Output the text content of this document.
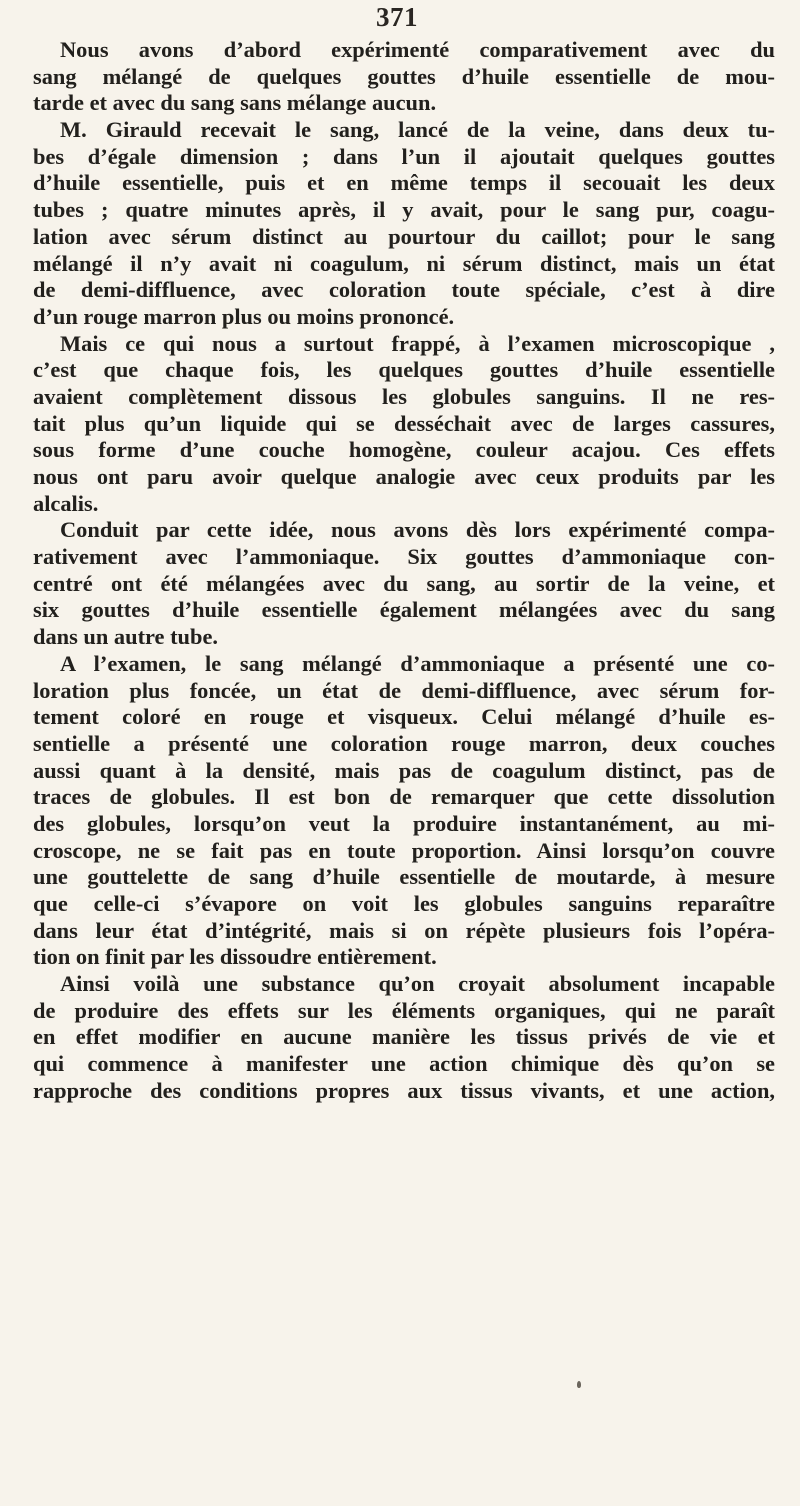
371
Nous avons d’abord expérimenté comparativement avec du
sang mélangé de quelques gouttes d’huile essentielle de mou-
tarde et avec du sang sans mélange aucun.
M. Girauld recevait le sang, lancé de la veine, dans deux tu-
bes d’égale dimension ; dans l’un il ajoutait quelques gouttes
d’huile essentielle, puis et en même temps il secouait les deux
tubes ; quatre minutes après, il y avait, pour le sang pur, coagu-
lation avec sérum distinct au pourtour du caillot; pour le sang
mélangé il n’y avait ni coagulum, ni sérum distinct, mais un état
de demi-diffluence, avec coloration toute spéciale, c’est à dire
d’un rouge marron plus ou moins prononcé.
Mais ce qui nous a surtout frappé, à l’examen microscopique ,
c’est que chaque fois, les quelques gouttes d’huile essentielle
avaient complètement dissous les globules sanguins. Il ne res-
tait plus qu’un liquide qui se desséchait avec de larges cassures,
sous forme d’une couche homogène, couleur acajou. Ces effets
nous ont paru avoir quelque analogie avec ceux produits par les
alcalis.
Conduit par cette idée, nous avons dès lors expérimenté compa-
rativement avec l’ammoniaque. Six gouttes d’ammoniaque con-
centré ont été mélangées avec du sang, au sortir de la veine, et
six gouttes d’huile essentielle également mélangées avec du sang
dans un autre tube.
A l’examen, le sang mélangé d’ammoniaque a présenté une co-
loration plus foncée, un état de demi-diffluence, avec sérum for-
tement coloré en rouge et visqueux. Celui mélangé d’huile es-
sentielle a présenté une coloration rouge marron, deux couches
aussi quant à la densité, mais pas de coagulum distinct, pas de
traces de globules. Il est bon de remarquer que cette dissolution
des globules, lorsqu’on veut la produire instantanément, au mi-
croscope, ne se fait pas en toute proportion. Ainsi lorsqu’on couvre
une gouttelette de sang d’huile essentielle de moutarde, à mesure
que celle-ci s’évapore on voit les globules sanguins reparaître
dans leur état d’intégrité, mais si on répète plusieurs fois l’opéra-
tion on finit par les dissoudre entièrement.
Ainsi voilà une substance qu’on croyait absolument incapable
de produire des effets sur les éléments organiques, qui ne paraît
en effet modifier en aucune manière les tissus privés de vie et
qui commence à manifester une action chimique dès qu’on se
rapproche des conditions propres aux tissus vivants, et une action,
